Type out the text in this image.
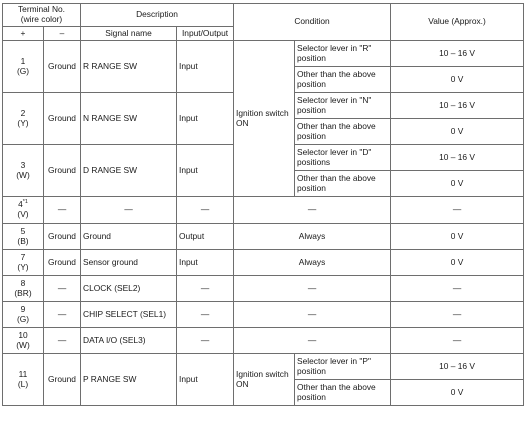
Terminal No.
(wire color)		Description		Condition		Value (Approx.)
+	–	Signal name	Input/Output			

1
(G)	Ground	R RANGE SW	Input	Ignition switch ON	Selector lever in "R" position	10 – 16 V
					Other than the above position	0 V

2
(Y)	Ground	N RANGE SW	Input		Selector lever in "N" position	10 – 16 V
					Other than the above position	0 V

3
(W)	Ground	D RANGE SW	Input		Selector lever in "D" positions	10 – 16 V
					Other than the above position	0 V

4$^{*1}$
(V)	—	—	—	—		—

5
(B)	Ground	Ground	Output	Always		0 V

7
(Y)	Ground	Sensor ground	Input	Always		0 V

8
(BR)	—	CLOCK (SEL2)	—	—		—

9
(G)	—	CHIP SELECT (SEL1)	—	—		—

10
(W)	—	DATA I/O (SEL3)	—	—		—

11
(L)	Ground	P RANGE SW	Input	Ignition switch ON	Selector lever in "P" position	10 – 16 V
					Other than the above position	0 V
